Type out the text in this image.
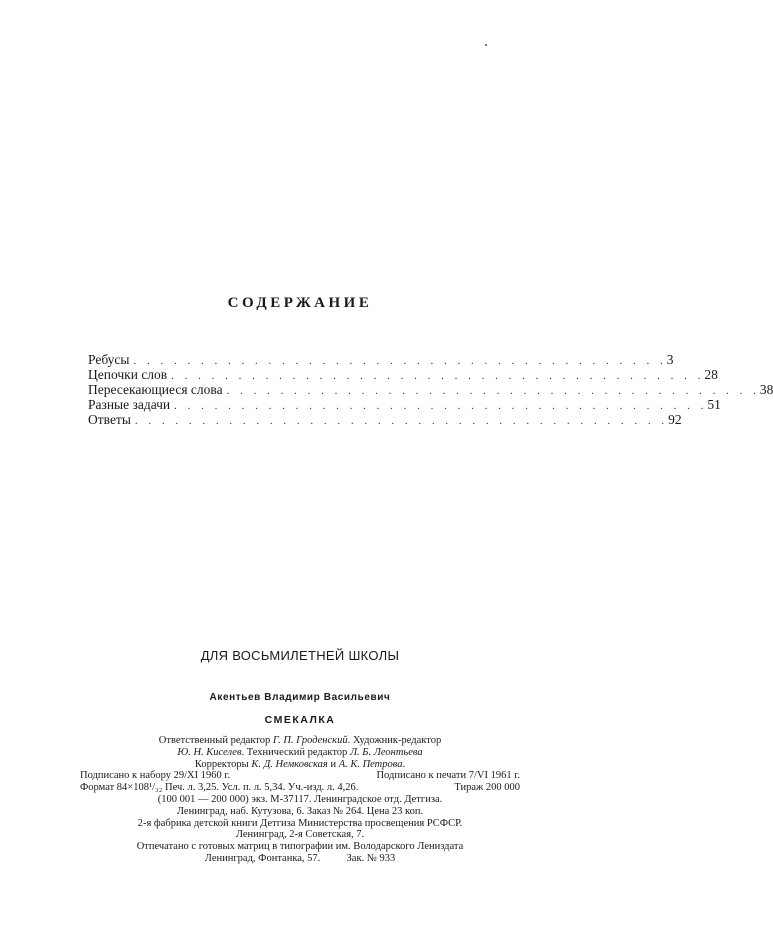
СОДЕРЖАНИЕ
Ребусы . . . . . . . . . . . . . . . . . . . . . . . . . . . . . . . . . . . . . . . . 3
Цепочки слов . . . . . . . . . . . . . . . . . . . . . . . . . . . . . . . . . . . . . . . . 28
Пересекающиеся слова . . . . . . . . . . . . . . . . . . . . . . . . . . . . . . . . . . . . . . . . 38
Разные задачи . . . . . . . . . . . . . . . . . . . . . . . . . . . . . . . . . . . . . . . . 51
Ответы . . . . . . . . . . . . . . . . . . . . . . . . . . . . . . . . . . . . . . . . 92
ДЛЯ ВОСЬМИЛЕТНЕЙ ШКОЛЫ
Акентьев Владимир Васильевич
СМЕКАЛКА
Ответственный редактор Г. П. Гроденский. Художник-редактор
Ю. Н. Киселев. Технический редактор Л. Б. Леонтьева
Корректоры К. Д. Немковская и А. К. Петрова.
Подписано к набору 29/XI 1960 г.	Подписано к печати 7/VI 1961 г.
Формат 84×108¹/₃₂ Печ. л. 3,25. Усл. п. л. 5,34. Уч.-изд. л. 4,26.	Тираж 200 000
(100 001 — 200 000) экз. М-37117. Ленинградское отд. Детгиза.
Ленинград, наб. Кутузова, 6. Заказ № 264. Цена 23 коп.
2-я фабрика детской книги Детгиза Министерства просвещения РСФСР.
Ленинград, 2-я Советская, 7.
Отпечатано с готовых матриц в типографии им. Володарского Лениздата
Ленинград, Фонтанка, 57.	Зак. № 933
